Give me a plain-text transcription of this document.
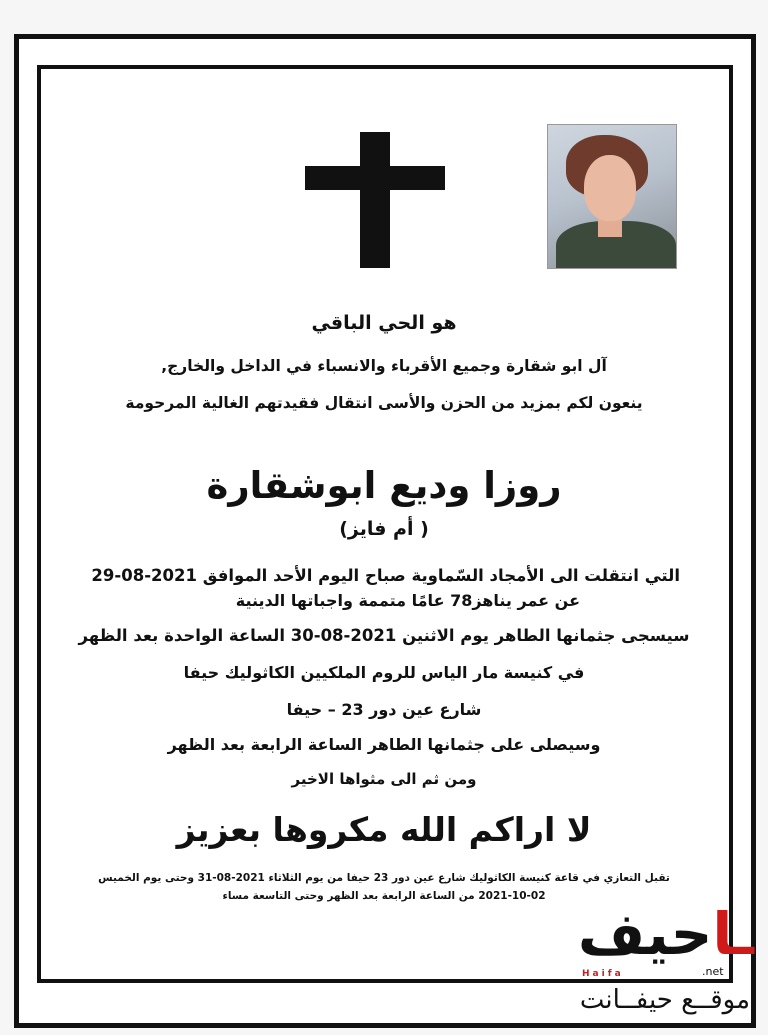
هو الحي الباقي
آل ابو شقارة وجميع الأقرباء والانسباء في الداخل والخارج,
ينعون لكم بمزيد من الحزن والأسى انتقال فقيدتهم الغالية المرحومة
روزا وديع ابوشقارة
( أم فايز)
التي انتقلت الى الأمجاد السّماوية صباح اليوم الأحد الموافق 2021-08-29
عن عمر يناهز78 عامًا متممة واجباتها الدينية
سيسجى جثمانها الطاهر يوم الاثنين 2021-08-30 الساعة الواحدة بعد الظهر
في كنيسة مار الياس للروم الملكيين الكاثوليك حيفا
شارع عين دور 23 – حيفا
وسيصلى على جثمانها الطاهر الساعة الرابعة بعد الظهر
ومن ثم الى مثواها الاخير
لا اراكم الله مكروها بعزيز
تقبل التعازي في قاعة كنيسة الكاثوليك شارع عين دور 23 حيفا من يوم الثلاثاء 2021-08-31 وحتى يوم الخميس
2021-10-02 من الساعة الرابعة بعد الظهر وحتى التاسعة مساء
ـاحيف
Haifa	.net
موقــع حيفــانت
